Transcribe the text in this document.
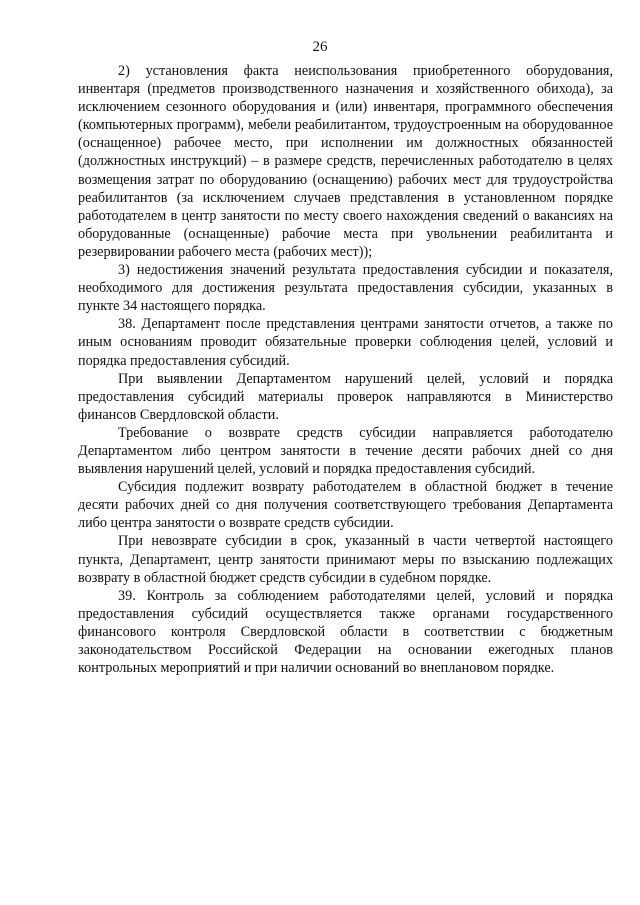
26

2) установления факта неиспользования приобретенного оборудования, инвентаря (предметов производственного назначения и хозяйственного обихода), за исключением сезонного оборудования и (или) инвентаря, программного обеспечения (компьютерных программ), мебели реабилитантом, трудоустроенным на оборудованное (оснащенное) рабочее место, при исполнении им должностных обязанностей (должностных инструкций) – в размере средств, перечисленных работодателю в целях возмещения затрат по оборудованию (оснащению) рабочих мест для трудоустройства реабилитантов (за исключением случаев представления в установленном порядке работодателем в центр занятости по месту своего нахождения сведений о вакансиях на оборудованные (оснащенные) рабочие места при увольнении реабилитанта и резервировании рабочего места (рабочих мест));

3) недостижения значений результата предоставления субсидии и показателя, необходимого для достижения результата предоставления субсидии, указанных в пункте 34 настоящего порядка.

38. Департамент после представления центрами занятости отчетов, а также по иным основаниям проводит обязательные проверки соблюдения целей, условий и порядка предоставления субсидий.

При выявлении Департаментом нарушений целей, условий и порядка предоставления субсидий материалы проверок направляются в Министерство финансов Свердловской области.

Требование о возврате средств субсидии направляется работодателю Департаментом либо центром занятости в течение десяти рабочих дней со дня выявления нарушений целей, условий и порядка предоставления субсидий.

Субсидия подлежит возврату работодателем в областной бюджет в течение десяти рабочих дней со дня получения соответствующего требования Департамента либо центра занятости о возврате средств субсидии.

При невозврате субсидии в срок, указанный в части четвертой настоящего пункта, Департамент, центр занятости принимают меры по взысканию подлежащих возврату в областной бюджет средств субсидии в судебном порядке.

39. Контроль за соблюдением работодателями целей, условий и порядка предоставления субсидий осуществляется также органами государственного финансового контроля Свердловской области в соответствии с бюджетным законодательством Российской Федерации на основании ежегодных планов контрольных мероприятий и при наличии оснований во внеплановом порядке.
